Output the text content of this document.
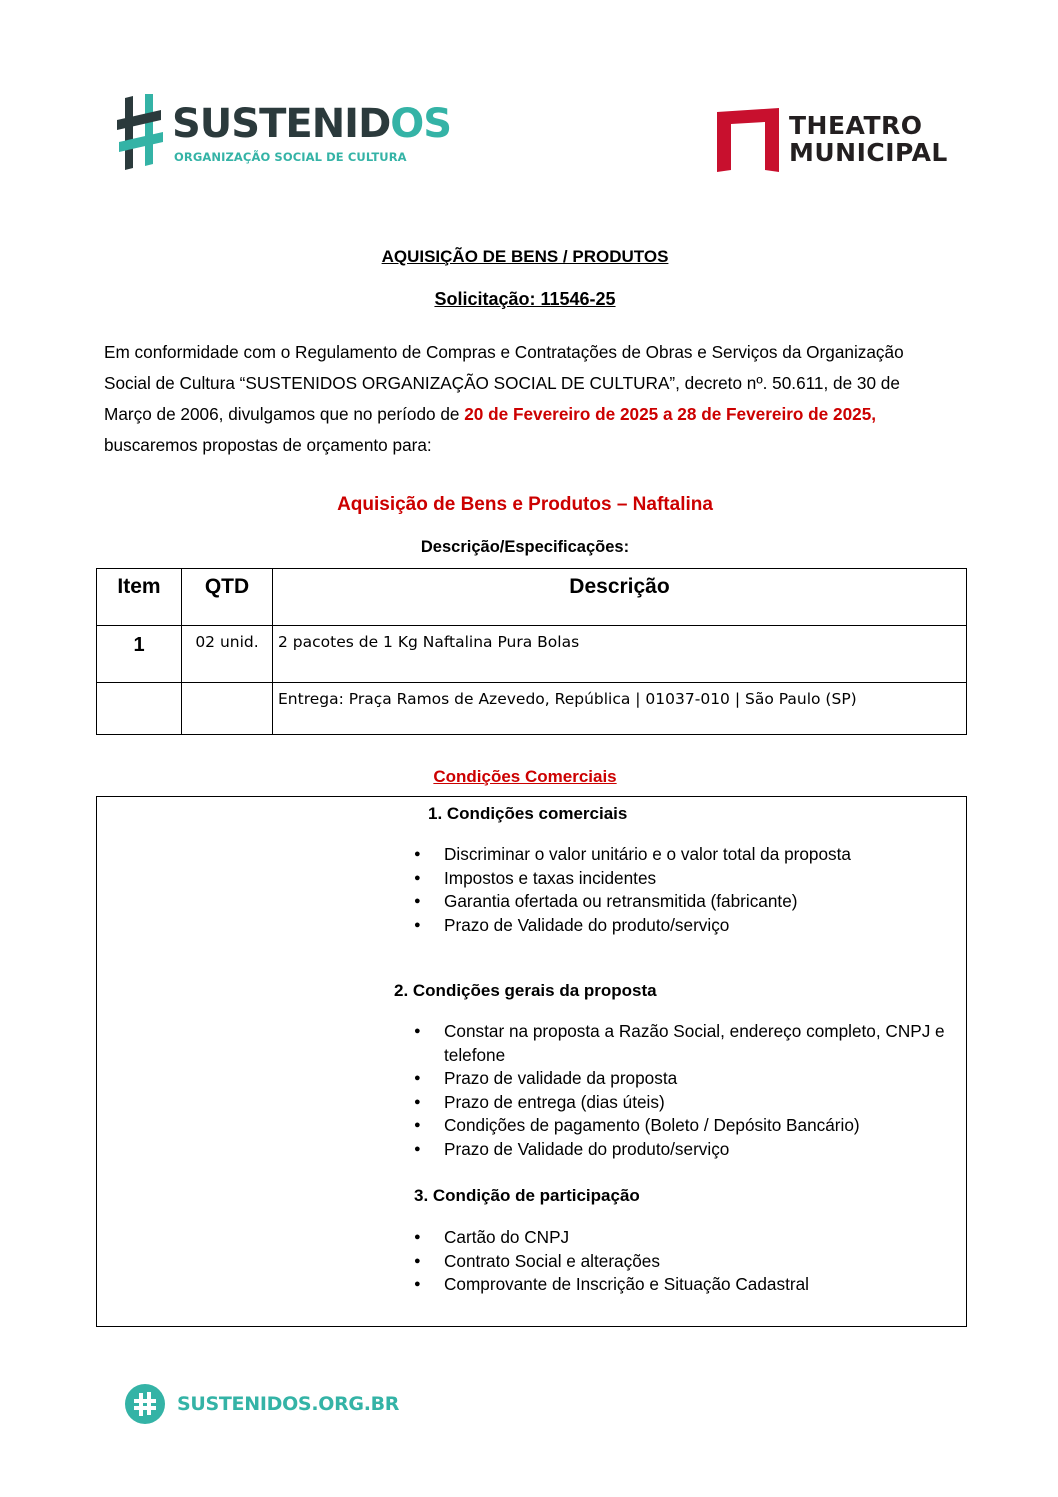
SUSTENIDOS
ORGANIZAÇÃO SOCIAL DE CULTURA
THEATRO
MUNICIPAL
AQUISIÇÃO DE BENS / PRODUTOS
Solicitação: 11546-25
Em conformidade com o Regulamento de Compras e Contratações de Obras e Serviços da Organização Social de Cultura “SUSTENIDOS ORGANIZAÇÃO SOCIAL DE CULTURA”, decreto nº. 50.611, de 30 de Março de 2006, divulgamos que no período de 20 de Fevereiro de 2025 a 28 de Fevereiro de 2025, buscaremos propostas de orçamento para:
Aquisição de Bens e Produtos – Naftalina
Descrição/Especificações:
Item	QTD	Descrição
1	02 unid.	2 pacotes de 1 Kg Naftalina Pura Bolas
		Entrega: Praça Ramos de Azevedo, República | 01037-010 | São Paulo (SP)
Condições Comerciais
1. Condições comerciais
● Discriminar o valor unitário e o valor total da proposta
● Impostos e taxas incidentes
● Garantia ofertada ou retransmitida (fabricante)
● Prazo de Validade do produto/serviço
2. Condições gerais da proposta
● Constar na proposta a Razão Social, endereço completo, CNPJ e telefone
● Prazo de validade da proposta
● Prazo de entrega (dias úteis)
● Condições de pagamento (Boleto / Depósito Bancário)
● Prazo de Validade do produto/serviço
3. Condição de participação
● Cartão do CNPJ
● Contrato Social e alterações
● Comprovante de Inscrição e Situação Cadastral
SUSTENIDOS.ORG.BR
